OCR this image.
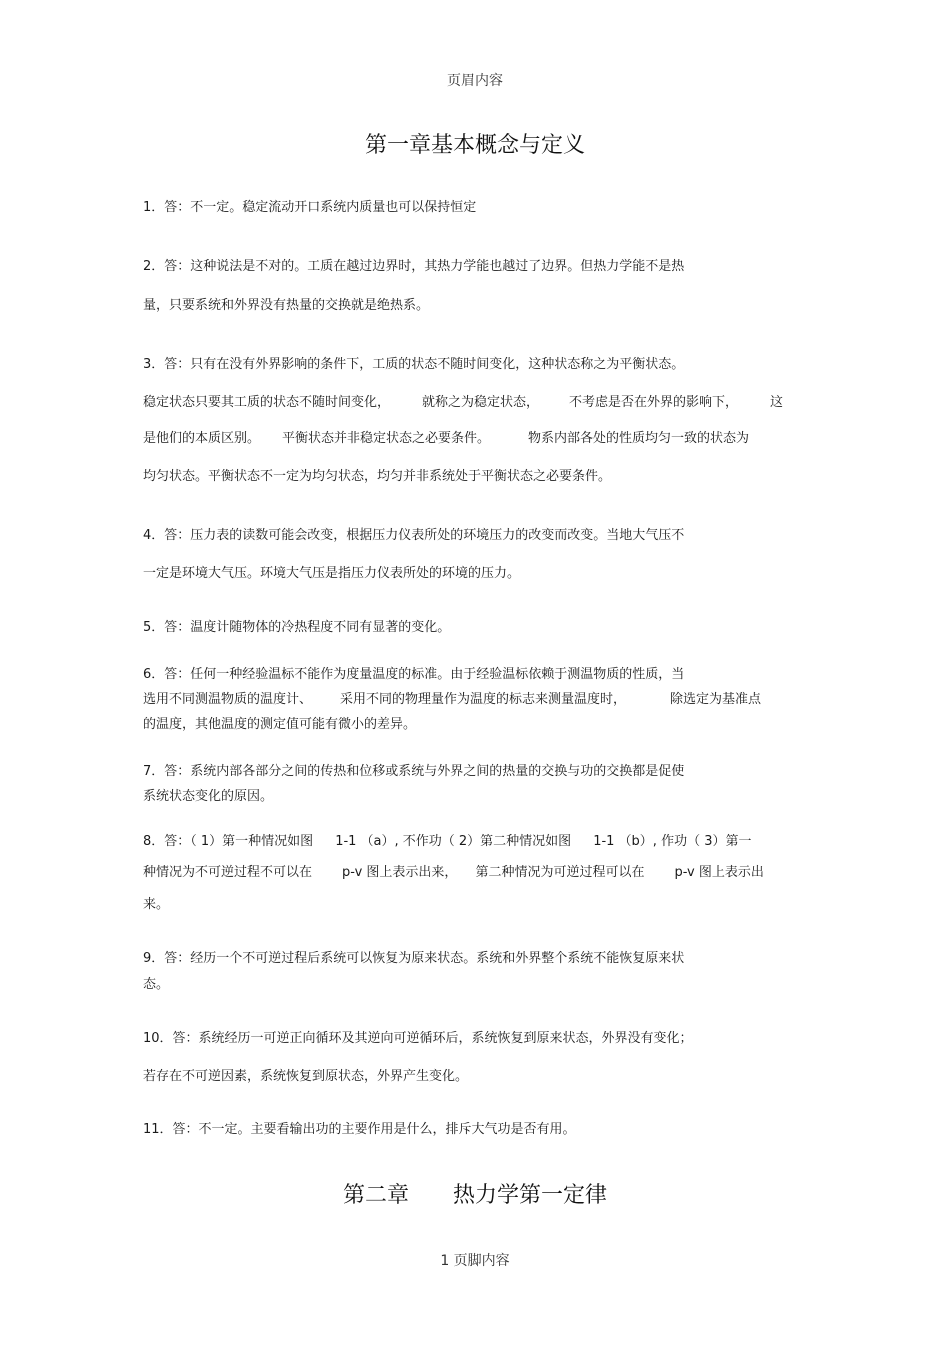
页眉内容
第一章基本概念与定义
1．答：不一定。稳定流动开口系统内质量也可以保持恒定
2．答：这种说法是不对的。工质在越过边界时，其热力学能也越过了边界。但热力学能不是热
量，只要系统和外界没有热量的交换就是绝热系。
3．答：只有在没有外界影响的条件下，工质的状态不随时间变化，这种状态称之为平衡状态。
稳定状态只要其工质的状态不随时间变化， 就称之为稳定状态， 不考虑是否在外界的影响下， 这
是他们的本质区别。 平衡状态并非稳定状态之必要条件。	物系内部各处的性质均匀一致的状态为
均匀状态。平衡状态不一定为均匀状态，均匀并非系统处于平衡状态之必要条件。
4．答：压力表的读数可能会改变，根据压力仪表所处的环境压力的改变而改变。当地大气压不
一定是环境大气压。环境大气压是指压力仪表所处的环境的压力。
5．答：温度计随物体的冷热程度不同有显著的变化。
6．答：任何一种经验温标不能作为度量温度的标准。由于经验温标依赖于测温物质的性质，当
选用不同测温物质的温度计、 采用不同的物理量作为温度的标志来测量温度时，	除选定为基准点
的温度，其他温度的测定值可能有微小的差异。
7．答：系统内部各部分之间的传热和位移或系统与外界之间的热量的交换与功的交换都是促使
系统状态变化的原因。
8．答：（ 1）第一种情况如图 1-1 （a）, 不作功（ 2）第二种情况如图 1-1 （b）, 作功（ 3）第一
种情况为不可逆过程不可以在 p-v 图上表示出来， 第二种情况为可逆过程可以在 p-v 图上表示出
来。
9．答：经历一个不可逆过程后系统可以恢复为原来状态。系统和外界整个系统不能恢复原来状
态。
10．答：系统经历一可逆正向循环及其逆向可逆循环后，系统恢复到原来状态，外界没有变化；
若存在不可逆因素，系统恢复到原状态，外界产生变化。
11．答：不一定。主要看输出功的主要作用是什么，排斥大气功是否有用。
第二章　　热力学第一定律
1 页脚内容
